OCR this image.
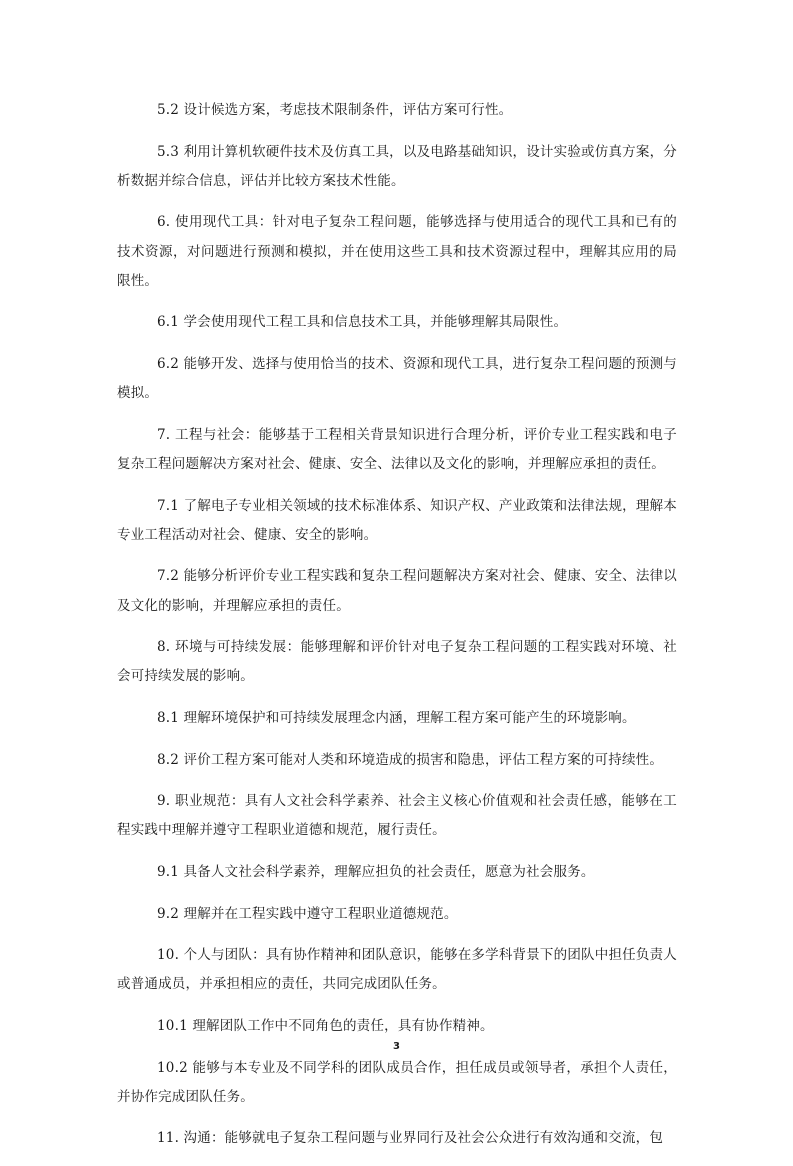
5.2 设计候选方案，考虑技术限制条件，评估方案可行性。

5.3 利用计算机软硬件技术及仿真工具，以及电路基础知识，设计实验或仿真方案，分析数据并综合信息，评估并比较方案技术性能。

6. 使用现代工具：针对电子复杂工程问题，能够选择与使用适合的现代工具和已有的技术资源，对问题进行预测和模拟，并在使用这些工具和技术资源过程中，理解其应用的局限性。

6.1 学会使用现代工程工具和信息技术工具，并能够理解其局限性。

6.2 能够开发、选择与使用恰当的技术、资源和现代工具，进行复杂工程问题的预测与模拟。

7. 工程与社会：能够基于工程相关背景知识进行合理分析，评价专业工程实践和电子复杂工程问题解决方案对社会、健康、安全、法律以及文化的影响，并理解应承担的责任。

7.1 了解电子专业相关领域的技术标准体系、知识产权、产业政策和法律法规，理解本专业工程活动对社会、健康、安全的影响。

7.2 能够分析评价专业工程实践和复杂工程问题解决方案对社会、健康、安全、法律以及文化的影响，并理解应承担的责任。

8. 环境与可持续发展：能够理解和评价针对电子复杂工程问题的工程实践对环境、社会可持续发展的影响。

8.1 理解环境保护和可持续发展理念内涵，理解工程方案可能产生的环境影响。

8.2 评价工程方案可能对人类和环境造成的损害和隐患，评估工程方案的可持续性。

9. 职业规范：具有人文社会科学素养、社会主义核心价值观和社会责任感，能够在工程实践中理解并遵守工程职业道德和规范，履行责任。

9.1 具备人文社会科学素养，理解应担负的社会责任，愿意为社会服务。

9.2 理解并在工程实践中遵守工程职业道德规范。

10. 个人与团队：具有协作精神和团队意识，能够在多学科背景下的团队中担任负责人或普通成员，并承担相应的责任，共同完成团队任务。

10.1 理解团队工作中不同角色的责任，具有协作精神。

10.2 能够与本专业及不同学科的团队成员合作，担任成员或领导者，承担个人责任，并协作完成团队任务。

11. 沟通：能够就电子复杂工程问题与业界同行及社会公众进行有效沟通和交流，包

3
